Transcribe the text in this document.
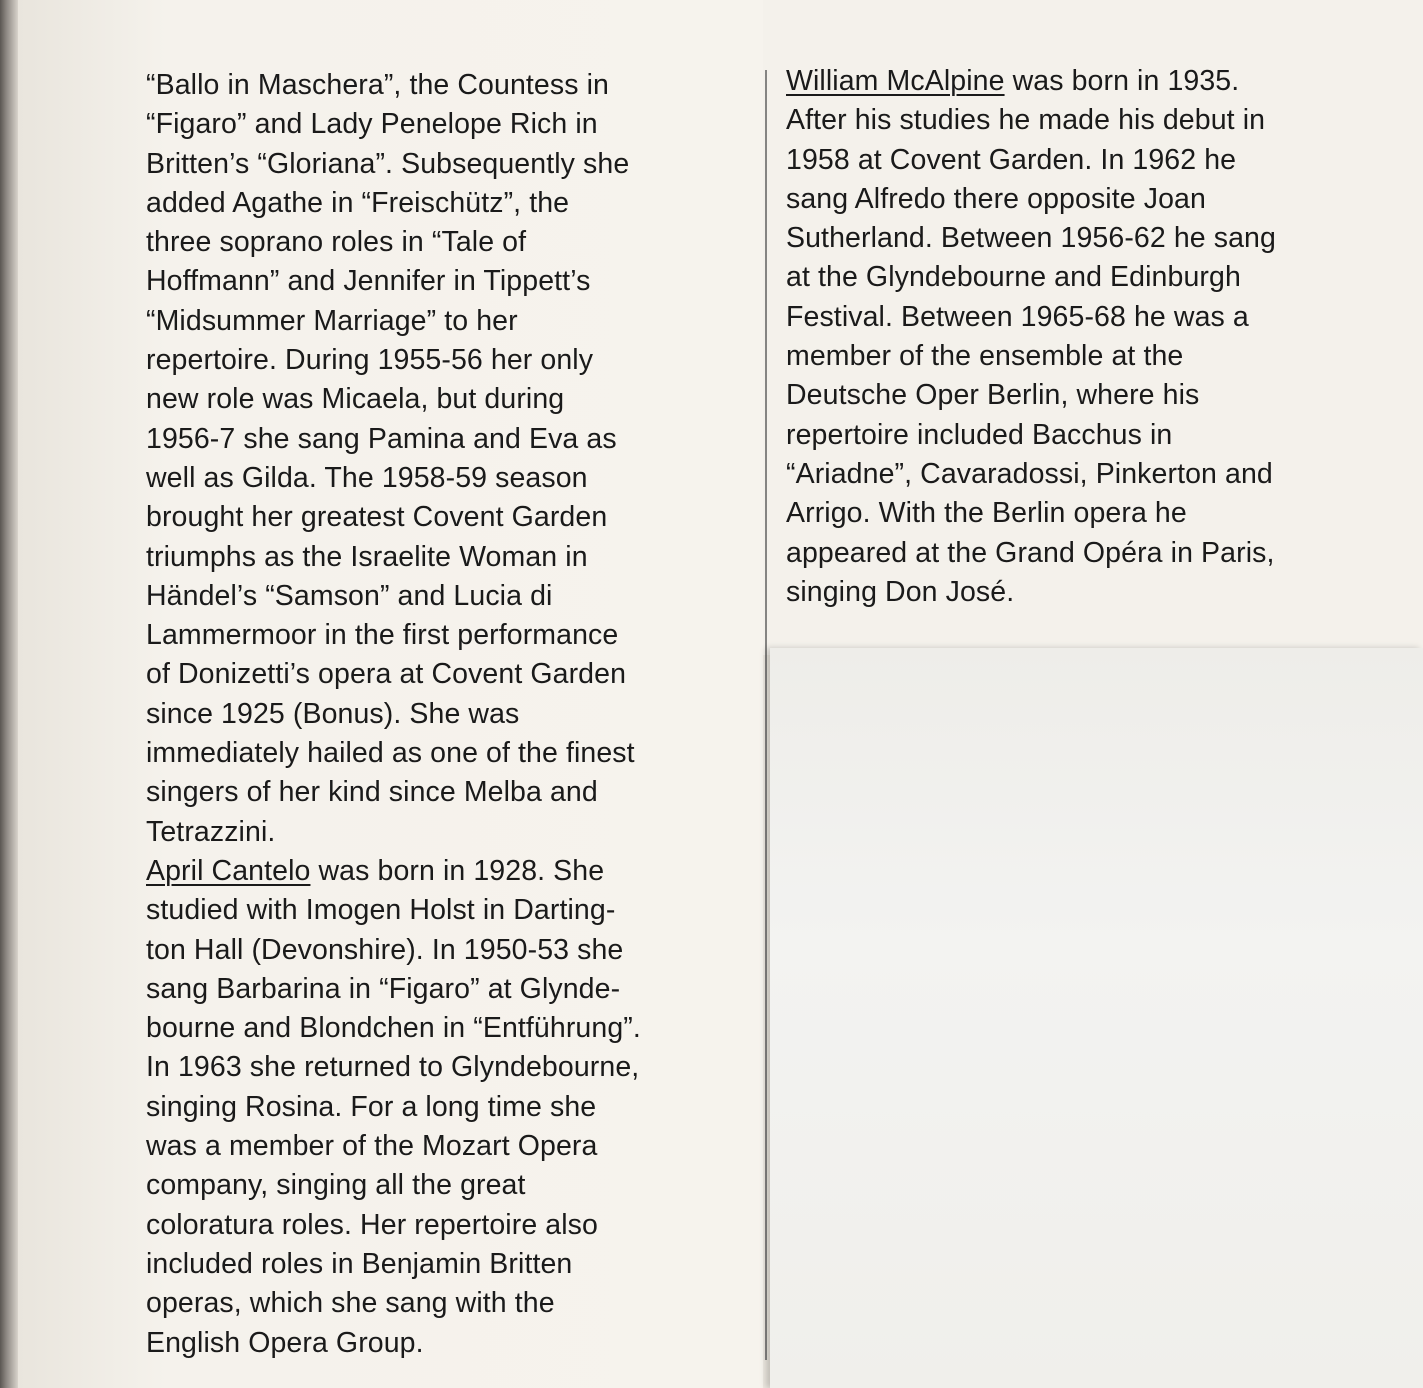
“Ballo in Maschera”, the Countess in
“Figaro” and Lady Penelope Rich in
Britten’s “Gloriana”. Subsequently she
added Agathe in “Freischütz”, the
three soprano roles in “Tale of
Hoffmann” and Jennifer in Tippett’s
“Midsummer Marriage” to her
repertoire. During 1955-56 her only
new role was Micaela, but during
1956-7 she sang Pamina and Eva as
well as Gilda. The 1958-59 season
brought her greatest Covent Garden
triumphs as the Israelite Woman in
Händel’s “Samson” and Lucia di
Lammermoor in the first performance
of Donizetti’s opera at Covent Garden
since 1925 (Bonus). She was
immediately hailed as one of the finest
singers of her kind since Melba and
Tetrazzini.
April Cantelo was born in 1928. She
studied with Imogen Holst in Darting-
ton Hall (Devonshire). In 1950-53 she
sang Barbarina in “Figaro” at Glynde-
bourne and Blondchen in “Entführung”.
In 1963 she returned to Glyndebourne,
singing Rosina. For a long time she
was a member of the Mozart Opera
company, singing all the great
coloratura roles. Her repertoire also
included roles in Benjamin Britten
operas, which she sang with the
English Opera Group.
William McAlpine was born in 1935.
After his studies he made his debut in
1958 at Covent Garden. In 1962 he
sang Alfredo there opposite Joan
Sutherland. Between 1956-62 he sang
at the Glyndebourne and Edinburgh
Festival. Between 1965-68 he was a
member of the ensemble at the
Deutsche Oper Berlin, where his
repertoire included Bacchus in
“Ariadne”, Cavaradossi, Pinkerton and
Arrigo. With the Berlin opera he
appeared at the Grand Opéra in Paris,
singing Don José.
